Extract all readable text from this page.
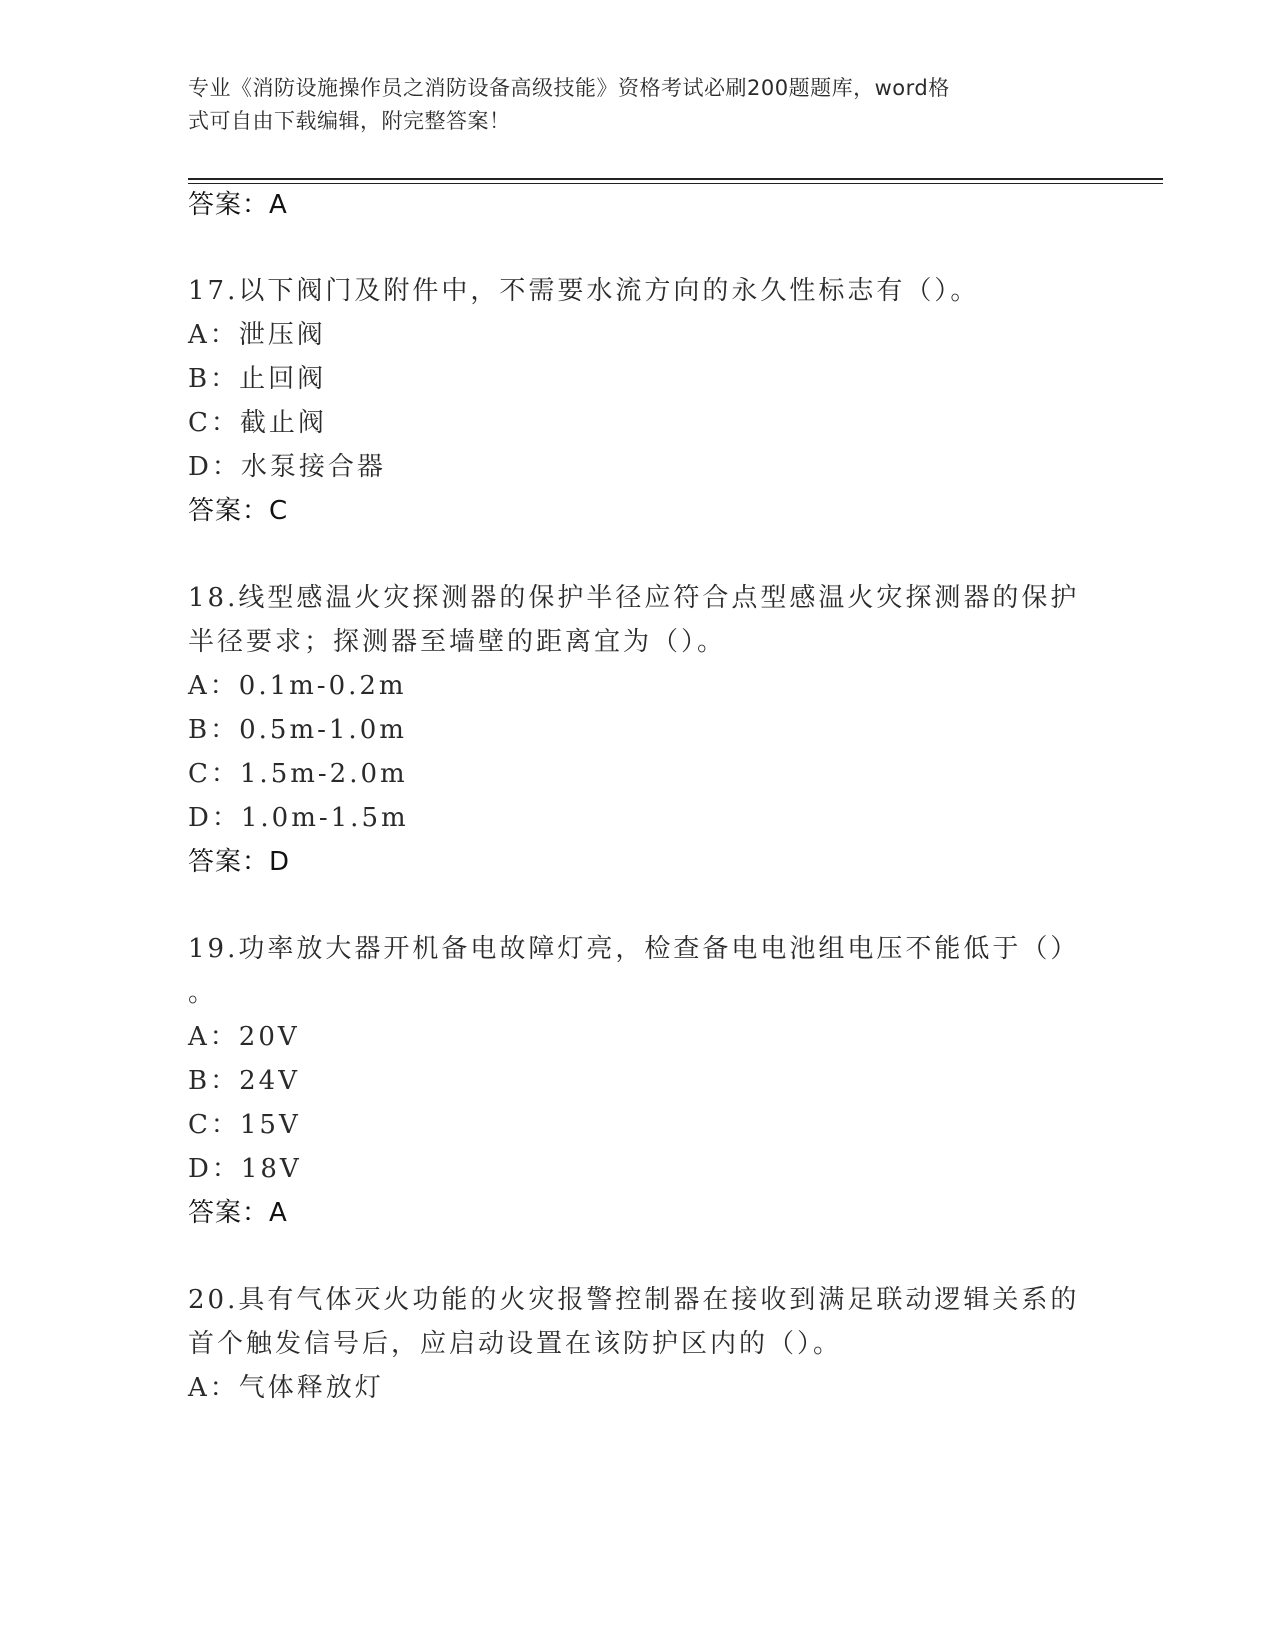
专业《消防设施操作员之消防设备高级技能》资格考试必刷200题题库，word格
式可自由下载编辑，附完整答案！
答案：A
17.以下阀门及附件中，不需要水流方向的永久性标志有（）。
A：泄压阀
B：止回阀
C：截止阀
D：水泵接合器
答案：C
18.线型感温火灾探测器的保护半径应符合点型感温火灾探测器的保护
半径要求；探测器至墙壁的距离宜为（）。
A：0.1m-0.2m
B：0.5m-1.0m
C：1.5m-2.0m
D：1.0m-1.5m
答案：D
19.功率放大器开机备电故障灯亮，检查备电电池组电压不能低于（）
。
A：20V
B：24V
C：15V
D：18V
答案：A
20.具有气体灭火功能的火灾报警控制器在接收到满足联动逻辑关系的
首个触发信号后，应启动设置在该防护区内的（）。
A：气体释放灯
